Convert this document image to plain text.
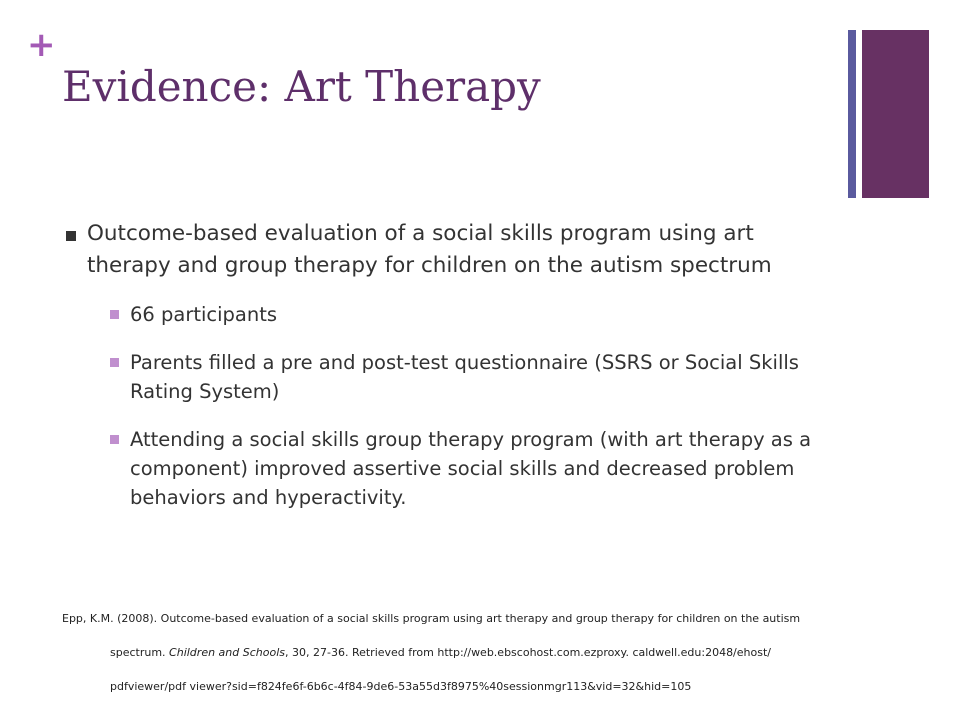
+
Evidence: Art Therapy
Outcome-based evaluation of a social skills program using art therapy and group therapy for children on the autism spectrum
66 participants
Parents filled a pre and post-test questionnaire (SSRS or Social Skills Rating System)
Attending a social skills group therapy program (with art therapy as a component) improved assertive social skills and decreased problem behaviors and hyperactivity.
Epp, K.M. (2008). Outcome-based evaluation of a social skills program using art therapy and group therapy for children on the autism
spectrum. Children and Schools, 30, 27-36. Retrieved from http://web.ebscohost.com.ezproxy. caldwell.edu:2048/ehost/
pdfviewer/pdf viewer?sid=f824fe6f-6b6c-4f84-9de6-53a55d3f8975%40sessionmgr113&vid=32&hid=105
